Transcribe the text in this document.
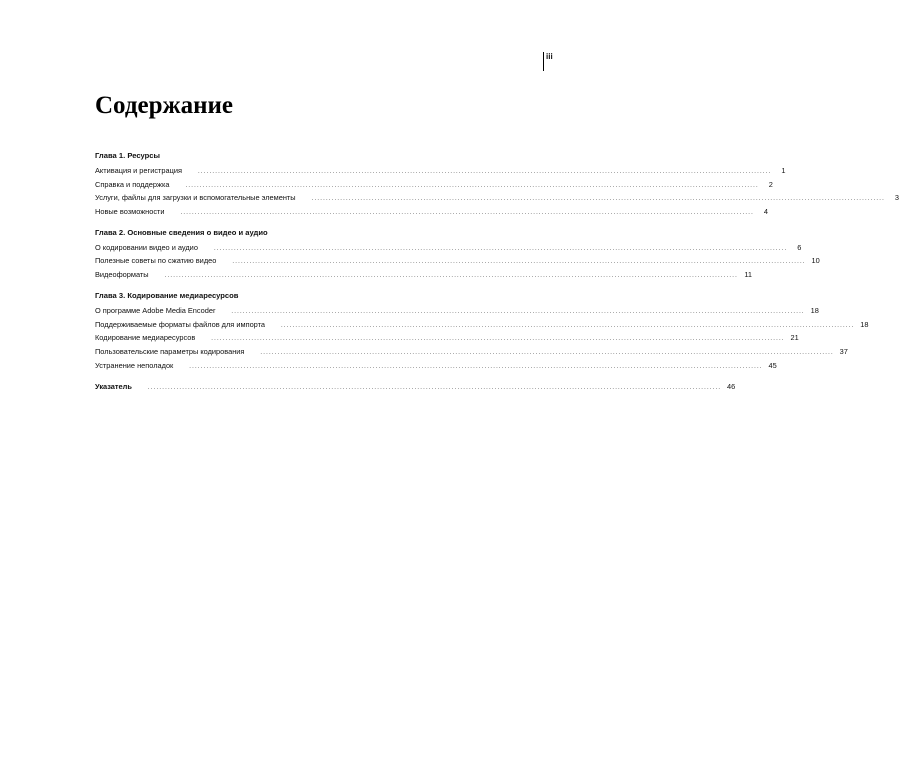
iii
Содержание
Глава 1. Ресурсы
Активация и регистрация	........................................................................................................................................................................................................	1
Справка и поддержка	........................................................................................................................................................................................................	2
Услуги, файлы для загрузки и вспомогательные элементы	........................................................................................................................................................................................................	3
Новые возможности	........................................................................................................................................................................................................	4
Глава 2. Основные сведения о видео и аудио
О кодировании видео и аудио	........................................................................................................................................................................................................	6
Полезные советы по сжатию видео	........................................................................................................................................................................................................ 10
Видеоформаты	........................................................................................................................................................................................................ 11
Глава 3. Кодирование медиаресурсов
О программе Adobe Media Encoder	........................................................................................................................................................................................................ 18
Поддерживаемые форматы файлов для импорта	........................................................................................................................................................................................................ 18
Кодирование медиаресурсов	........................................................................................................................................................................................................ 21
Пользовательские параметры кодирования	........................................................................................................................................................................................................ 37
Устранение неполадок	........................................................................................................................................................................................................ 45
Указатель	........................................................................................................................................................................................................ 46
